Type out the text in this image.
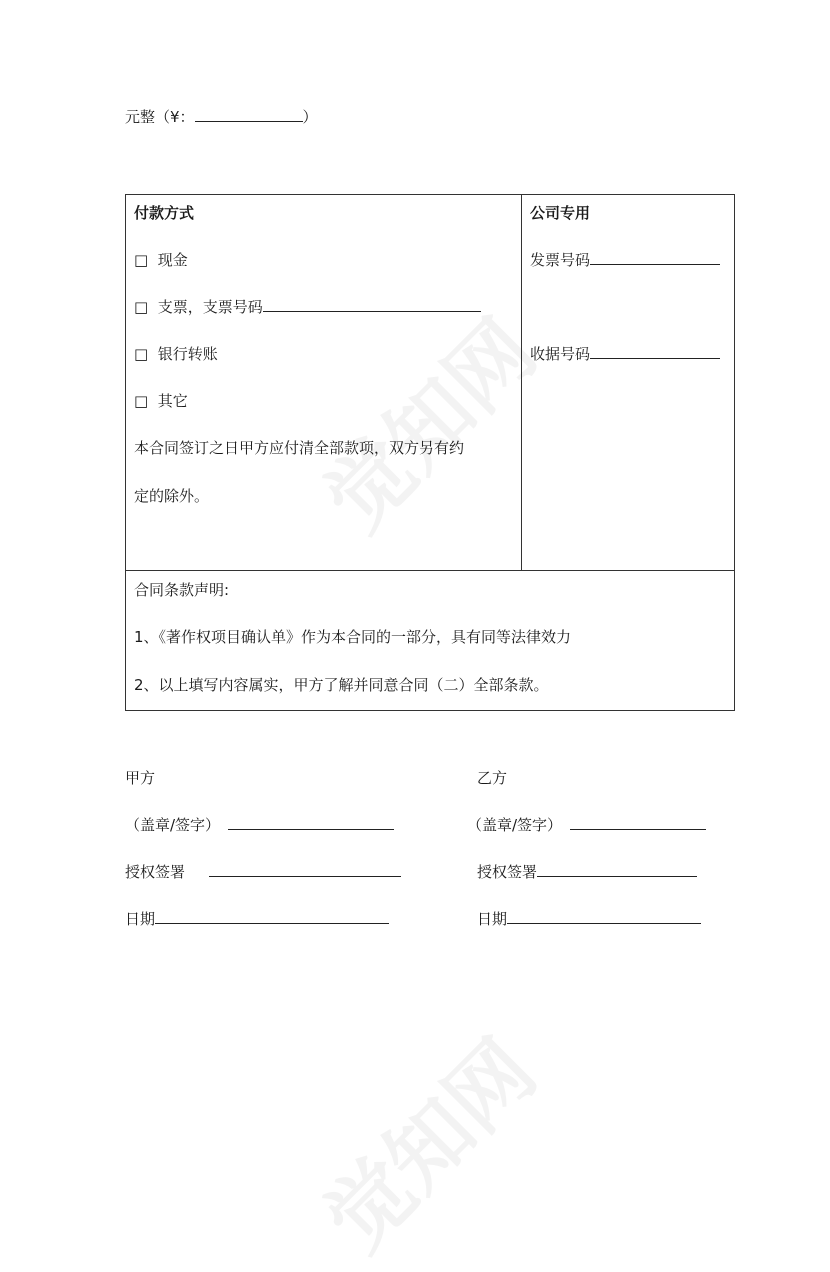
元整（¥：	）
付款方式
□ 现金
□ 支票，支票号码
□ 银行转账
□ 其它
本合同签订之日甲方应付清全部款项，双方另有约
定的除外。
公司专用
发票号码
收据号码
合同条款声明:
1、《著作权项目确认单》作为本合同的一部分，具有同等法律效力
2、以上填写内容属实，甲方了解并同意合同（二）全部条款。
甲方
（盖章/签字）
授权签署
日期
乙方
（盖章/签字）
授权签署
日期
